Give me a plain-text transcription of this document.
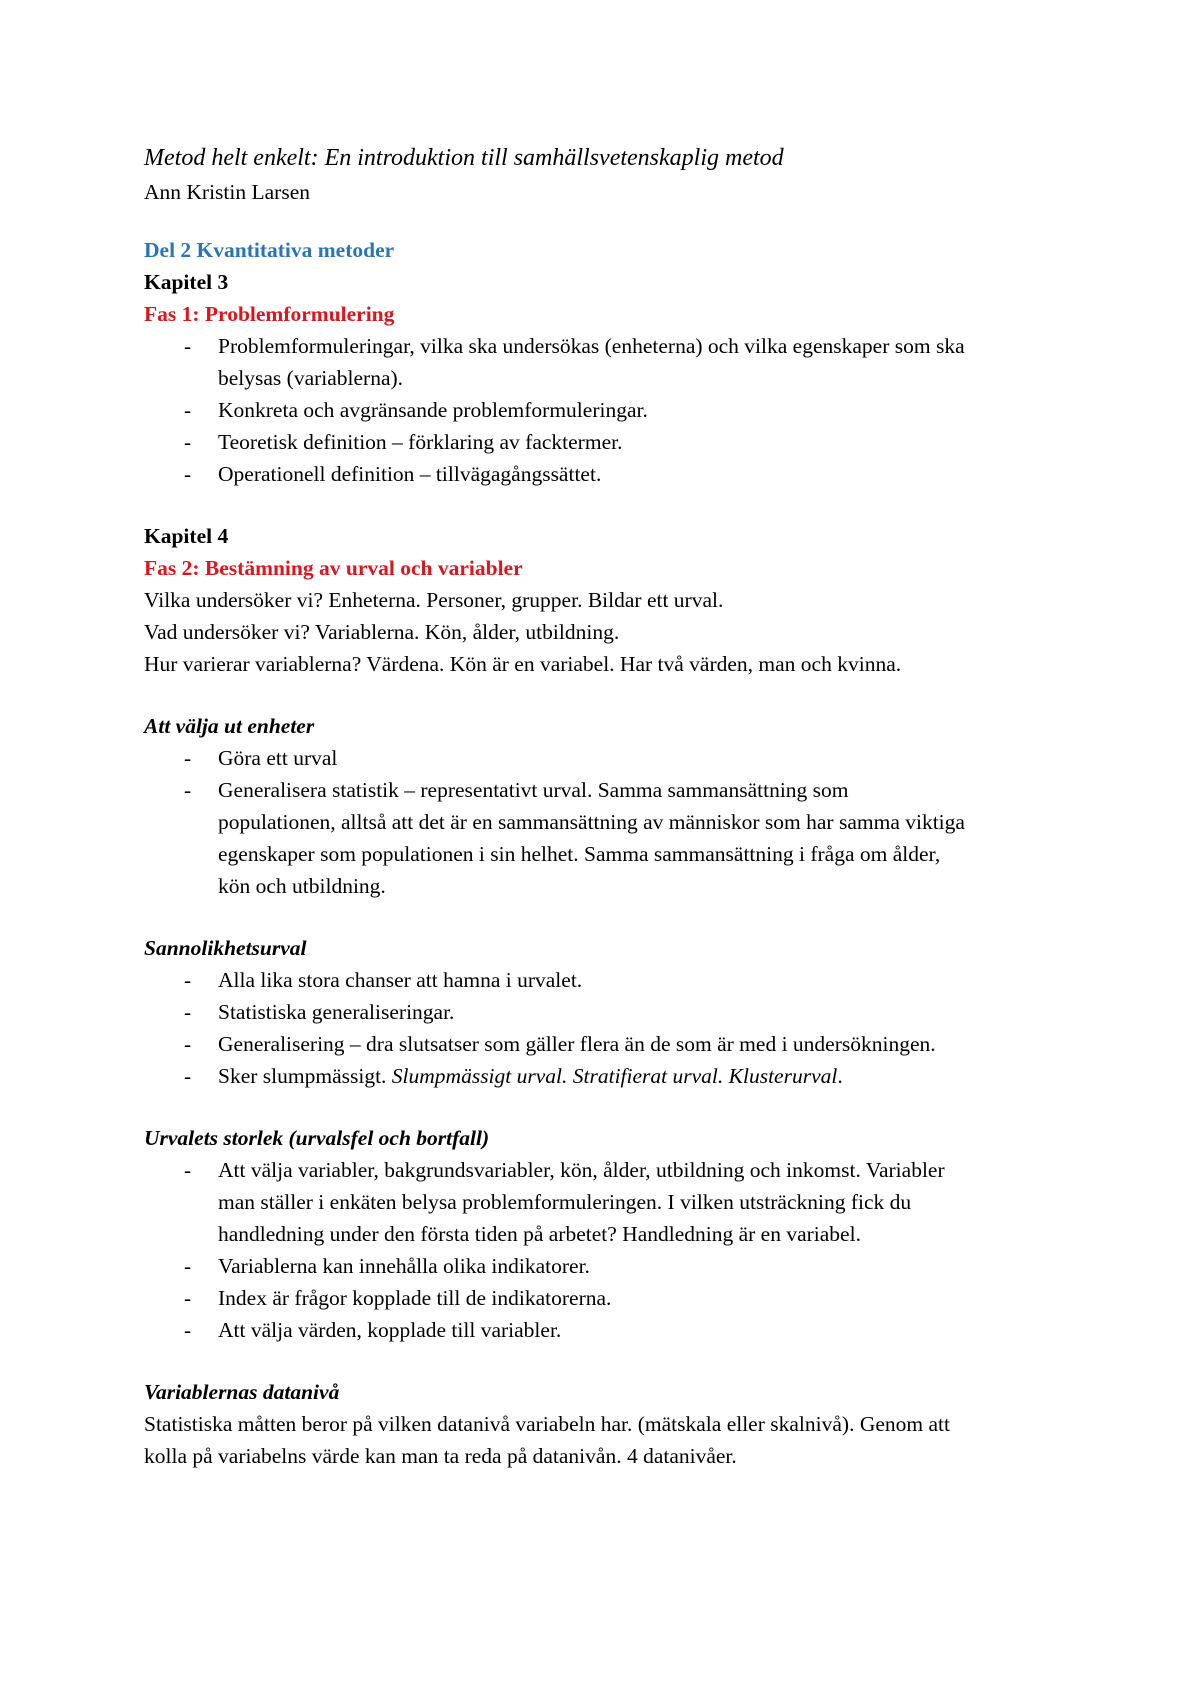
Metod helt enkelt: En introduktion till samhällsvetenskaplig metod

Ann Kristin Larsen

Del 2 Kvantitativa metoder

Kapitel 3

Fas 1: Problemformulering

- Problemformuleringar, vilka ska undersökas (enheterna) och vilka egenskaper som ska
belysas (variablerna).
- Konkreta och avgränsande problemformuleringar.
- Teoretisk definition – förklaring av facktermer.
- Operationell definition – tillvägagångssättet.

Kapitel 4

Fas 2: Bestämning av urval och variabler

Vilka undersöker vi? Enheterna. Personer, grupper. Bildar ett urval.

Vad undersöker vi? Variablerna. Kön, ålder, utbildning.

Hur varierar variablerna? Värdena. Kön är en variabel. Har två värden, man och kvinna.

Att välja ut enheter

- Göra ett urval
- Generalisera statistik – representativt urval. Samma sammansättning som
populationen, alltså att det är en sammansättning av människor som har samma viktiga
egenskaper som populationen i sin helhet. Samma sammansättning i fråga om ålder,
kön och utbildning.

Sannolikhetsurval

- Alla lika stora chanser att hamna i urvalet.
- Statistiska generaliseringar.
- Generalisering – dra slutsatser som gäller flera än de som är med i undersökningen.
- Sker slumpmässigt. Slumpmässigt urval. Stratifierat urval. Klusterurval.

Urvalets storlek (urvalsfel och bortfall)

- Att välja variabler, bakgrundsvariabler, kön, ålder, utbildning och inkomst. Variabler
man ställer i enkäten belysa problemformuleringen. I vilken utsträckning fick du
handledning under den första tiden på arbetet? Handledning är en variabel.
- Variablerna kan innehålla olika indikatorer.
- Index är frågor kopplade till de indikatorerna.
- Att välja värden, kopplade till variabler.

Variablernas datanivå

Statistiska måtten beror på vilken datanivå variabeln har. (mätskala eller skalnivå). Genom att

kolla på variabelns värde kan man ta reda på datanivån. 4 datanivåer.
